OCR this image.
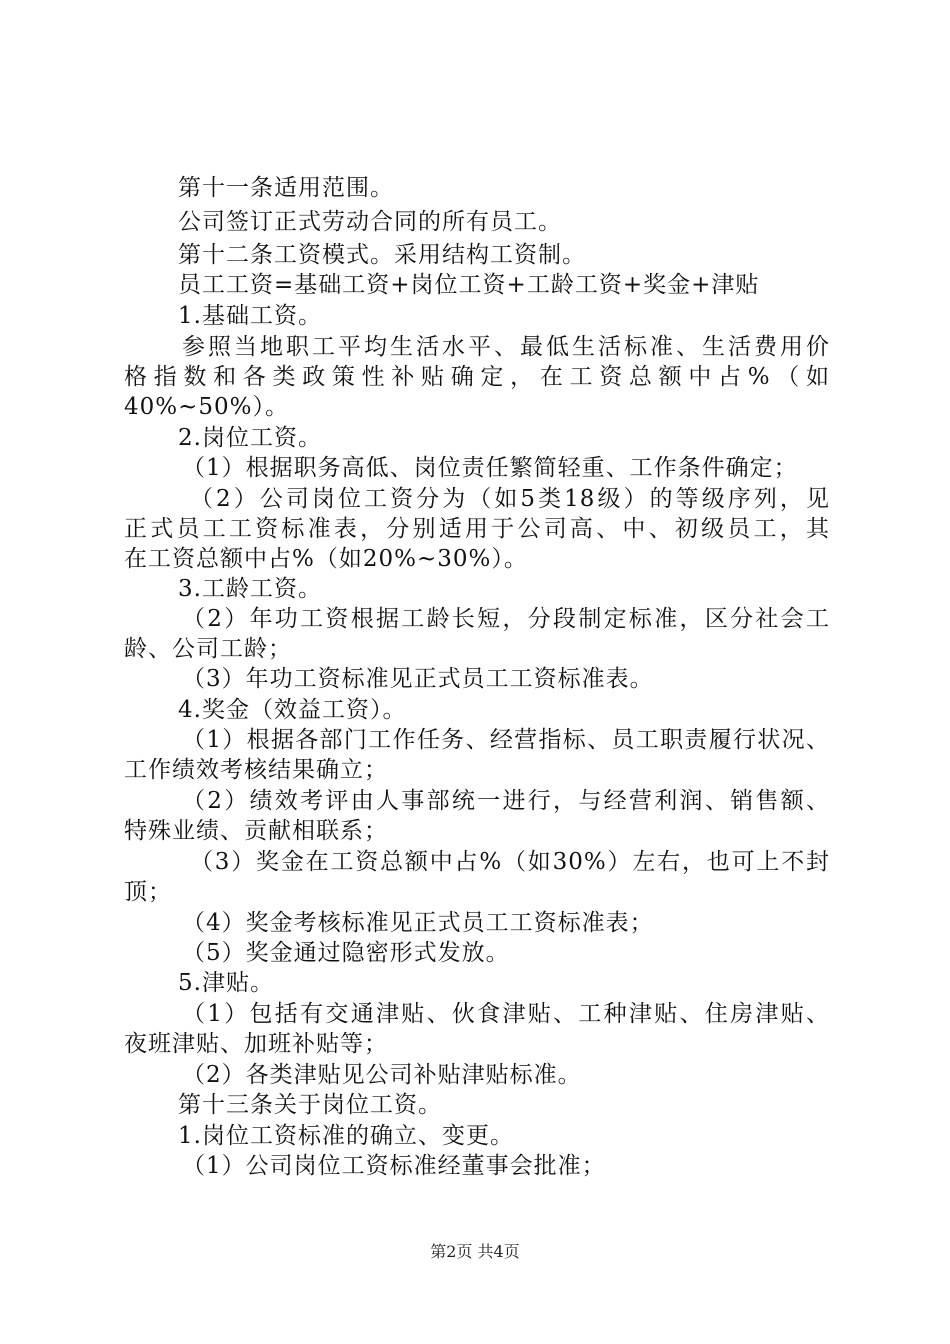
第十一条适用范围。
公司签订正式劳动合同的所有员工。
第十二条工资模式。采用结构工资制。
员工工资=基础工资+岗位工资+工龄工资+奖金+津贴
1.基础工资。
参照当地职工平均生活水平、最低生活标准、生活费用价
格指数和各类政策性补贴确定，在工资总额中占%（如
40%~50%）。
2.岗位工资。
（1）根据职务高低、岗位责任繁简轻重、工作条件确定；
（2）公司岗位工资分为（如5类18级）的等级序列，见
正式员工工资标准表，分别适用于公司高、中、初级员工，其
在工资总额中占%（如20%~30%）。
3.工龄工资。
（2）年功工资根据工龄长短，分段制定标准，区分社会工
龄、公司工龄；
（3）年功工资标准见正式员工工资标准表。
4.奖金（效益工资）。
（1）根据各部门工作任务、经营指标、员工职责履行状况、
工作绩效考核结果确立；
（2）绩效考评由人事部统一进行，与经营利润、销售额、
特殊业绩、贡献相联系；
（3）奖金在工资总额中占%（如30%）左右，也可上不封
顶；
（4）奖金考核标准见正式员工工资标准表；
（5）奖金通过隐密形式发放。
5.津贴。
（1）包括有交通津贴、伙食津贴、工种津贴、住房津贴、
夜班津贴、加班补贴等；
（2）各类津贴见公司补贴津贴标准。
第十三条关于岗位工资。
1.岗位工资标准的确立、变更。
（1）公司岗位工资标准经董事会批准；
第2页 共4页
